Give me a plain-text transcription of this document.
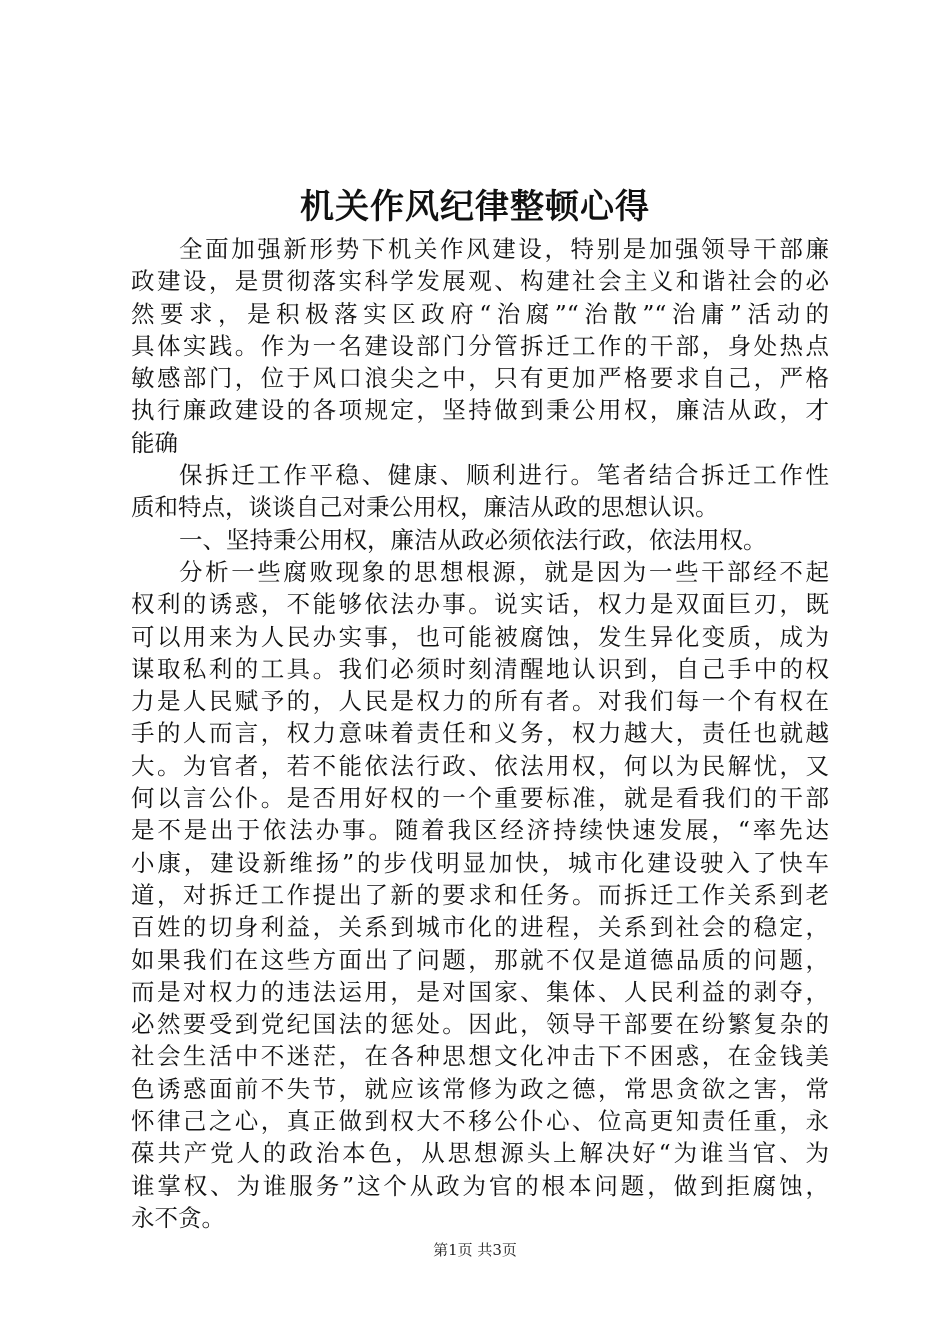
机关作风纪律整顿心得
全面加强新形势下机关作风建设，特别是加强领导干部廉
政建设，是贯彻落实科学发展观、构建社会主义和谐社会的必
然要求，是积极落实区政府“治腐”“治散”“治庸”活动的
具体实践。作为一名建设部门分管拆迁工作的干部，身处热点
敏感部门，位于风口浪尖之中，只有更加严格要求自己，严格
执行廉政建设的各项规定，坚持做到秉公用权，廉洁从政，才
能确
保拆迁工作平稳、健康、顺利进行。笔者结合拆迁工作性
质和特点，谈谈自己对秉公用权，廉洁从政的思想认识。
一、坚持秉公用权，廉洁从政必须依法行政，依法用权。
分析一些腐败现象的思想根源，就是因为一些干部经不起
权利的诱惑，不能够依法办事。说实话，权力是双面巨刃，既
可以用来为人民办实事，也可能被腐蚀，发生异化变质，成为
谋取私利的工具。我们必须时刻清醒地认识到，自己手中的权
力是人民赋予的，人民是权力的所有者。对我们每一个有权在
手的人而言，权力意味着责任和义务，权力越大，责任也就越
大。为官者，若不能依法行政、依法用权，何以为民解忧，又
何以言公仆。是否用好权的一个重要标准，就是看我们的干部
是不是出于依法办事。随着我区经济持续快速发展，“率先达
小康，建设新维扬”的步伐明显加快，城市化建设驶入了快车
道，对拆迁工作提出了新的要求和任务。而拆迁工作关系到老
百姓的切身利益，关系到城市化的进程，关系到社会的稳定，
如果我们在这些方面出了问题，那就不仅是道德品质的问题，
而是对权力的违法运用，是对国家、集体、人民利益的剥夺，
必然要受到党纪国法的惩处。因此，领导干部要在纷繁复杂的
社会生活中不迷茫，在各种思想文化冲击下不困惑，在金钱美
色诱惑面前不失节，就应该常修为政之德，常思贪欲之害，常
怀律己之心，真正做到权大不移公仆心、位高更知责任重，永
葆共产党人的政治本色，从思想源头上解决好“为谁当官、为
谁掌权、为谁服务”这个从政为官的根本问题，做到拒腐蚀，
永不贪。
第1页 共3页
